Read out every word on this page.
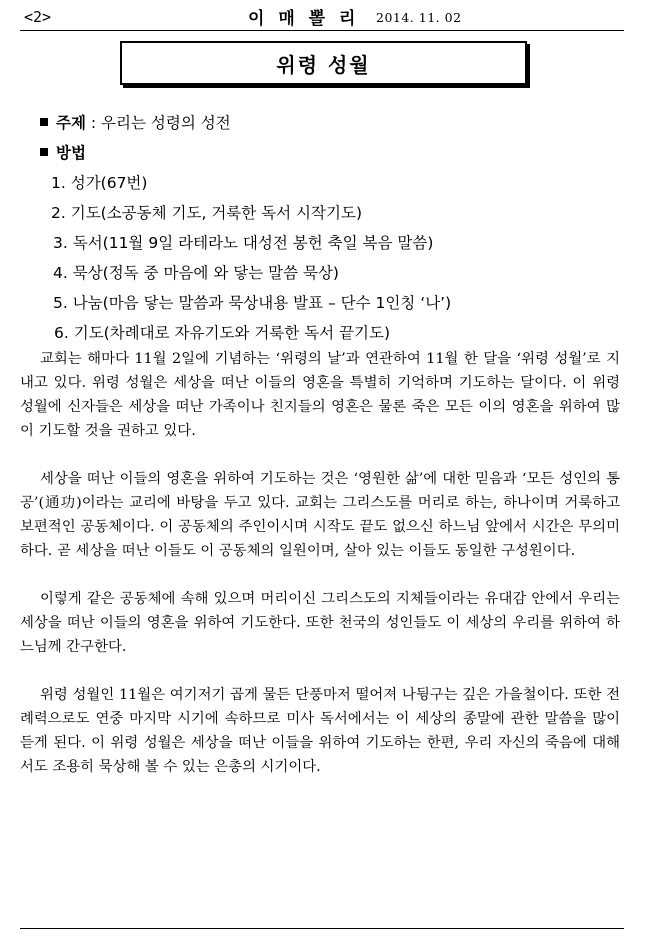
<2>	이 매 뽈 리 2014. 11. 02
위령 성월
주제 : 우리는 성령의 성전
방법
1. 성가(67번)
2. 기도(소공동체 기도, 거룩한 독서 시작기도)
3. 독서(11월 9일 라테라노 대성전 봉헌 축일 복음 말씀)
4. 묵상(정독 중 마음에 와 닿는 말씀 묵상)
5. 나눔(마음 닿는 말씀과 묵상내용 발표 – 단수 1인칭 ‘나’)
6. 기도(차례대로 자유기도와 거룩한 독서 끝기도)

교회는 해마다 11월 2일에 기념하는 ‘위령의 날’과 연관하여 11월 한 달을 ‘위령 성월’로 지내고 있다. 위령 성월은 세상을 떠난 이들의 영혼을 특별히 기억하며 기도하는 달이다. 이 위령 성월에 신자들은 세상을 떠난 가족이나 친지들의 영혼은 물론 죽은 모든 이의 영혼을 위하여 많이 기도할 것을 권하고 있다.

세상을 떠난 이들의 영혼을 위하여 기도하는 것은 ‘영원한 삶’에 대한 믿음과 ‘모든 성인의 통공’(通功)이라는 교리에 바탕을 두고 있다. 교회는 그리스도를 머리로 하는, 하나이며 거룩하고 보편적인 공동체이다. 이 공동체의 주인이시며 시작도 끝도 없으신 하느님 앞에서 시간은 무의미하다. 곧 세상을 떠난 이들도 이 공동체의 일원이며, 살아 있는 이들도 동일한 구성원이다.

이렇게 같은 공동체에 속해 있으며 머리이신 그리스도의 지체들이라는 유대감 안에서 우리는 세상을 떠난 이들의 영혼을 위하여 기도한다. 또한 천국의 성인들도 이 세상의 우리를 위하여 하느님께 간구한다.

위령 성월인 11월은 여기저기 곱게 물든 단풍마저 떨어져 나뒹구는 깊은 가을철이다. 또한 전례력으로도 연중 마지막 시기에 속하므로 미사 독서에서는 이 세상의 종말에 관한 말씀을 많이 듣게 된다. 이 위령 성월은 세상을 떠난 이들을 위하여 기도하는 한편, 우리 자신의 죽음에 대해서도 조용히 묵상해 볼 수 있는 은총의 시기이다.
